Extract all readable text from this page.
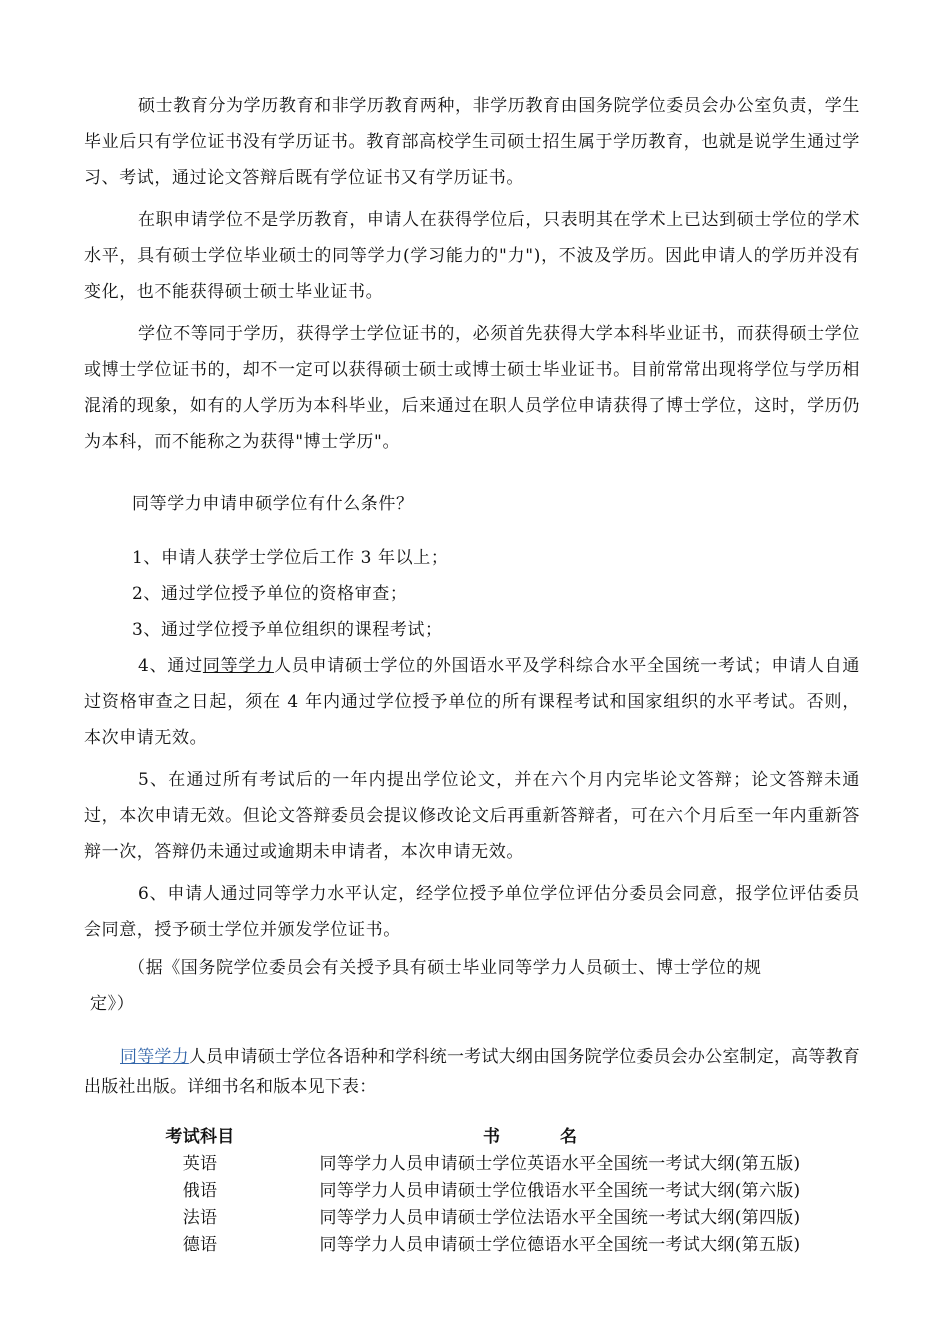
硕士教育分为学历教育和非学历教育两种，非学历教育由国务院学位委员会办公室负责，学生毕业后只有学位证书没有学历证书。教育部高校学生司硕士招生属于学历教育，也就是说学生通过学习、考试，通过论文答辩后既有学位证书又有学历证书。

在职申请学位不是学历教育，申请人在获得学位后，只表明其在学术上已达到硕士学位的学术水平，具有硕士学位毕业硕士的同等学力(学习能力的"力")，不波及学历。因此申请人的学历并没有变化，也不能获得硕士硕士毕业证书。

学位不等同于学历，获得学士学位证书的，必须首先获得大学本科毕业证书，而获得硕士学位或博士学位证书的，却不一定可以获得硕士硕士或博士硕士毕业证书。目前常常出现将学位与学历相混淆的现象，如有的人学历为本科毕业，后来通过在职人员学位申请获得了博士学位，这时，学历仍为本科，而不能称之为获得"博士学历"。

同等学力申请申硕学位有什么条件？

1、申请人获学士学位后工作 3 年以上；

2、通过学位授予单位的资格审查；

3、通过学位授予单位组织的课程考试；

4、通过同等学力人员申请硕士学位的外国语水平及学科综合水平全国统一考试；申请人自通过资格审查之日起，须在 4 年内通过学位授予单位的所有课程考试和国家组织的水平考试。否则，本次申请无效。

5、在通过所有考试后的一年内提出学位论文，并在六个月内完毕论文答辩；论文答辩未通过，本次申请无效。但论文答辩委员会提议修改论文后再重新答辩者，可在六个月后至一年内重新答辩一次，答辩仍未通过或逾期未申请者，本次申请无效。

6、申请人通过同等学力水平认定，经学位授予单位学位评估分委员会同意，报学位评估委员会同意，授予硕士学位并颁发学位证书。

（据《国务院学位委员会有关授予具有硕士毕业同等学力人员硕士、博士学位的规

定》）

同等学力人员申请硕士学位各语种和学科统一考试大纲由国务院学位委员会办公室制定，高等教育出版社出版。详细书名和版本见下表：

考试科目	书名
英语	同等学力人员申请硕士学位英语水平全国统一考试大纲(第五版)
俄语	同等学力人员申请硕士学位俄语水平全国统一考试大纲(第六版)
法语	同等学力人员申请硕士学位法语水平全国统一考试大纲(第四版)
德语	同等学力人员申请硕士学位德语水平全国统一考试大纲(第五版)
